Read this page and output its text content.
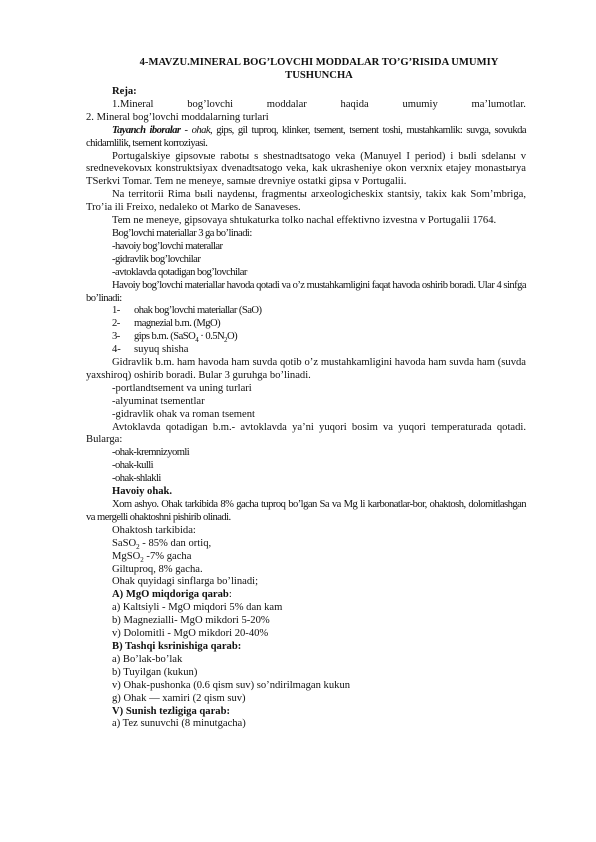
4-MAVZU.MINERAL BOG’LOVCHI MODDALAR TO’G’RISIDA UMUMIY TUSHUNCHA

Reja:

1.Mineral	bog’lovchi	moddalar	haqida	umumiy	ma’lumotlar.

2. Mineral bog’lovchi moddalarning turlari

Tayanch iboralar - ohak, gips, gil tuproq, klinker, tsement, tsement toshi, mustahkamlik: suvga, sovukda chidamlilik, tsement korroziyasi.

Portugalskiye gipsovыe rabotы s shestnadtsatogo veka (Manuyel I period) i bыli sdelanы v srednevekovыx konstruktsiyax dvenadtsatogo veka, kak ukrasheniye okon verxnix etajey monastыrya TSerkvi Tomar. Tem ne meneye, samыe drevniye ostatki gipsa v Portugalii.

Na territorii Rima bыli naydenы, fragmentы arxeologicheskix stantsiy, takix kak Som’mbriga, Tro’ia ili Freixo, nedaleko ot Marko de Sanaveses.

Tem ne meneye, gipsovaya shtukaturka tolko nachal effektivno izvestna v Portugalii 1764.

Bog’lovchi materiallar 3 ga bo’linadi:

-havoiy bog’lovchi materallar

-gidravlik bog’lovchilar

-avtoklavda qotadigan bog’lovchilar

Havoiy bog’lovchi materiallar havoda qotadi va o’z mustahkamligini faqat havoda oshirib boradi. Ular 4 sinfga bo’linadi:

1-	ohak bog’lovchi materiallar (SaO)
2-	magnezial b.m. (MgO)
3-	gips b.m. (SaSO$_4$ · $0.5N_2O$)
4-	suyuq shisha

Gidravlik b.m. ham havoda ham suvda qotib o’z mustahkamligini havoda ham suvda ham (suvda yaxshiroq) oshirib boradi. Bular 3 guruhga bo’linadi.

-portlandtsement va uning turlari

-alyuminat tsementlar

-gidravlik ohak va roman tsement

Avtoklavda qotadigan b.m.- avtoklavda ya’ni yuqori bosim va yuqori temperaturada qotadi. Bularga:

-ohak-kremnizyomli

-ohak-kulli

-ohak-shlakli

Havoiy ohak.

Xom ashyo. Ohak tarkibida 8% gacha tuproq bo’lgan Sa va Mg li karbonatlar-bor, ohaktosh, dolomitlashgan va mergelli ohaktoshni pishirib olinadi.

Ohaktosh tarkibida:

SaSO$_2$ - 85% dan ortiq,

MgSO$_2$ -7% gacha

Giltuproq, 8% gacha.

Ohak quyidagi sinflarga bo’linadi;

A) MgO miqdoriga qarab:

a) Kaltsiyli - MgO miqdori 5% dan kam

b) Magnezialli- MgO mikdori 5-20%

v) Dolomitli - MgO mikdori 20-40%

B) Tashqi ksrinishiga qarab:

a) Bo’lak-bo’lak

b) Tuyilgan (kukun)

v) Ohak-pushonka (0.6 qism suv) so’ndirilmagan kukun

g) Ohak — xamiri (2 qism suv)

V) Sunish tezligiga qarab:

a) Tez sunuvchi (8 minutgacha)
